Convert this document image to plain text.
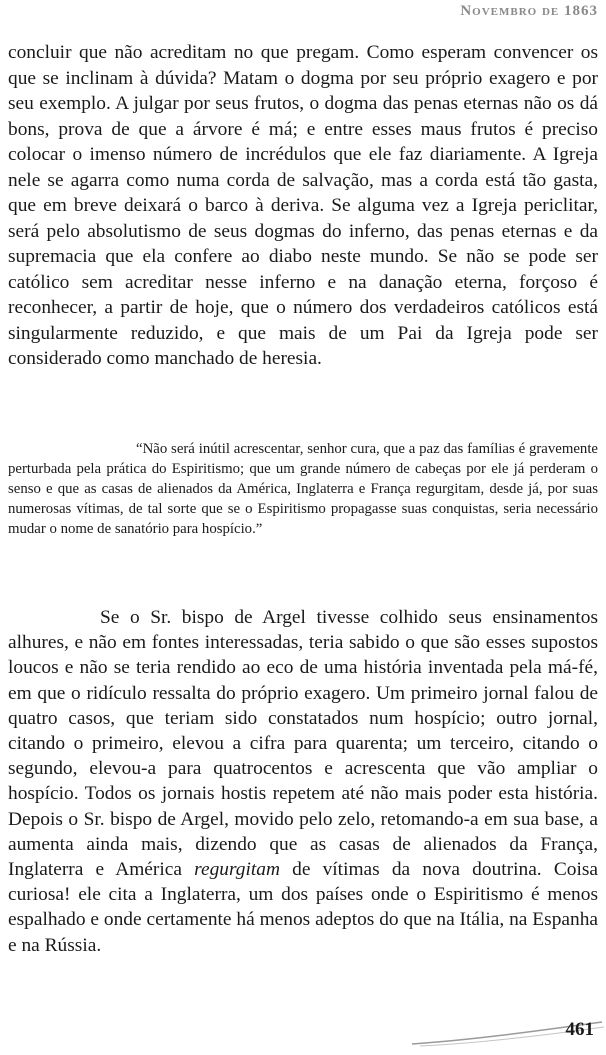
Novembro de 1863

concluir que não acreditam no que pregam. Como esperam convencer os que se inclinam à dúvida? Matam o dogma por seu próprio exagero e por seu exemplo. A julgar por seus frutos, o dogma das penas eternas não os dá bons, prova de que a árvore é má; e entre esses maus frutos é preciso colocar o imenso número de incrédulos que ele faz diariamente. A Igreja nele se agarra como numa corda de salvação, mas a corda está tão gasta, que em breve deixará o barco à deriva. Se alguma vez a Igreja periclitar, será pelo absolutismo de seus dogmas do inferno, das penas eternas e da supremacia que ela confere ao diabo neste mundo. Se não se pode ser católico sem acreditar nesse inferno e na danação eterna, forçoso é reconhecer, a partir de hoje, que o número dos verdadeiros católicos está singularmente reduzido, e que mais de um Pai da Igreja pode ser considerado como manchado de heresia.

“Não será inútil acrescentar, senhor cura, que a paz das famílias é gravemente perturbada pela prática do Espiritismo; que um grande número de cabeças por ele já perderam o senso e que as casas de alienados da América, Inglaterra e França regurgitam, desde já, por suas numerosas vítimas, de tal sorte que se o Espiritismo propagasse suas conquistas, seria necessário mudar o nome de sanatório para hospício.”

Se o Sr. bispo de Argel tivesse colhido seus ensinamentos alhures, e não em fontes interessadas, teria sabido o que são esses supostos loucos e não se teria rendido ao eco de uma história inventada pela má-fé, em que o ridículo ressalta do próprio exagero. Um primeiro jornal falou de quatro casos, que teriam sido constatados num hospício; outro jornal, citando o primeiro, elevou a cifra para quarenta; um terceiro, citando o segundo, elevou-a para quatrocentos e acrescenta que vão ampliar o hospício. Todos os jornais hostis repetem até não mais poder esta história. Depois o Sr. bispo de Argel, movido pelo zelo, retomando-a em sua base, a aumenta ainda mais, dizendo que as casas de alienados da França, Inglaterra e América regurgitam de vítimas da nova doutrina. Coisa curiosa! ele cita a Inglaterra, um dos países onde o Espiritismo é menos espalhado e onde certamente há menos adeptos do que na Itália, na Espanha e na Rússia.

461
